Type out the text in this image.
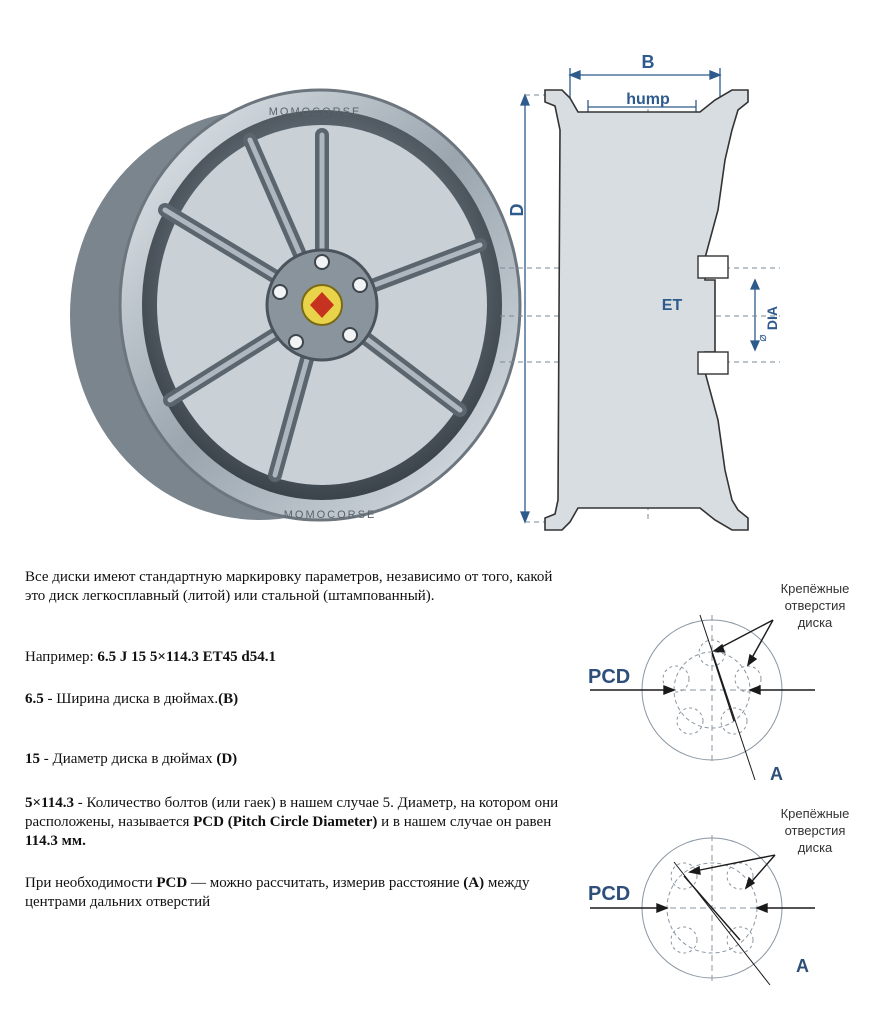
MOMOCORSE
MOMOCORSE
B
hump
D
ET
DIA
⌀
Все диски имеют стандартную маркировку параметров, независимо от того, какой это диск легкосплавный (литой) или стальной (штампованный).
Например: 6.5 J 15 5×114.3 ET45 d54.1
6.5 - Ширина диска в дюймах.(B)
15 - Диаметр диска в дюймах (D)
5×114.3 - Количество болтов (или гаек) в нашем случае 5. Диаметр, на котором они расположены, называется PCD (Pitch Circle Diameter) и в нашем случае он равен 114.3 мм.
При необходимости PCD — можно рассчитать, измерив расстояние (A) между центрами дальних отверстий
PCD
Крепёжные
отверстия
диска
A
PCD
Крепёжные
отверстия
диска
A
